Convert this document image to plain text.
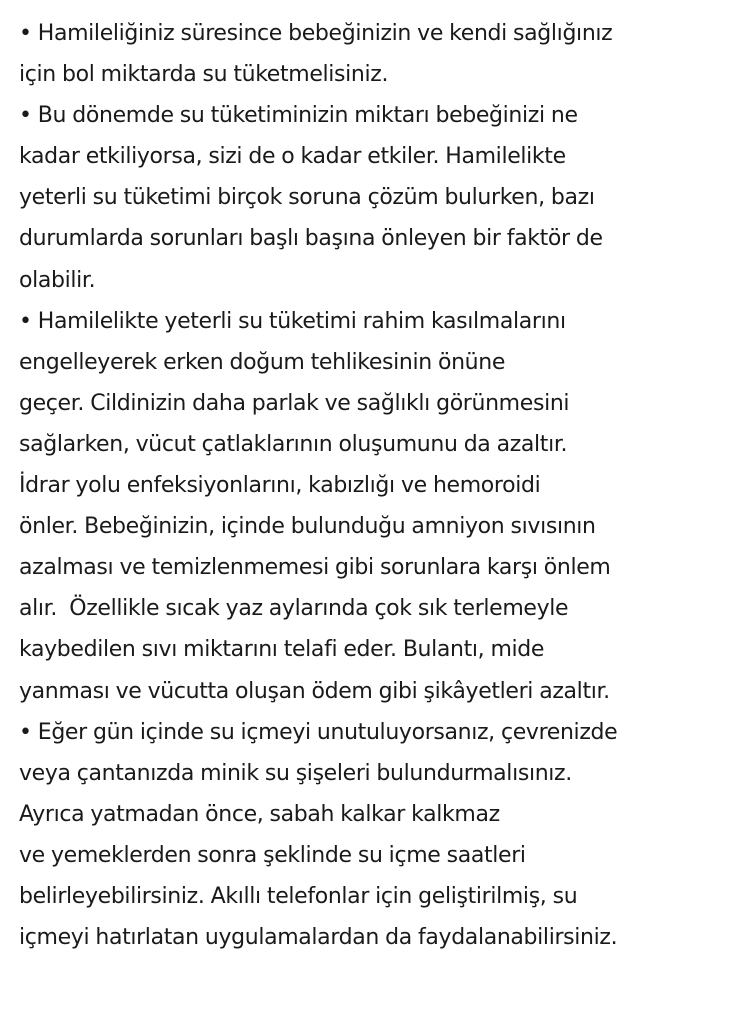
• Hamileliğiniz süresince bebeğinizin ve kendi sağlığınız
için bol miktarda su tüketmelisiniz.
• Bu dönemde su tüketiminizin miktarı bebeğinizi ne
kadar etkiliyorsa, sizi de o kadar etkiler. Hamilelikte
yeterli su tüketimi birçok soruna çözüm bulurken, bazı
durumlarda sorunları başlı başına önleyen bir faktör de
olabilir.
• Hamilelikte yeterli su tüketimi rahim kasılmalarını
engelleyerek erken doğum tehlikesinin önüne
geçer. Cildinizin daha parlak ve sağlıklı görünmesini
sağlarken, vücut çatlaklarının oluşumunu da azaltır.
İdrar yolu enfeksiyonlarını, kabızlığı ve hemoroidi
önler. Bebeğinizin, içinde bulunduğu amniyon sıvısının
azalması ve temizlenmemesi gibi sorunlara karşı önlem
alır.  Özellikle sıcak yaz aylarında çok sık terlemeyle
kaybedilen sıvı miktarını telafi eder. Bulantı, mide
yanması ve vücutta oluşan ödem gibi şikâyetleri azaltır.
• Eğer gün içinde su içmeyi unutuluyorsanız, çevrenizde
veya çantanızda minik su şişeleri bulundurmalısınız.
Ayrıca yatmadan önce, sabah kalkar kalkmaz
ve yemeklerden sonra şeklinde su içme saatleri
belirleyebilirsiniz. Akıllı telefonlar için geliştirilmiş, su
içmeyi hatırlatan uygulamalardan da faydalanabilirsiniz.
